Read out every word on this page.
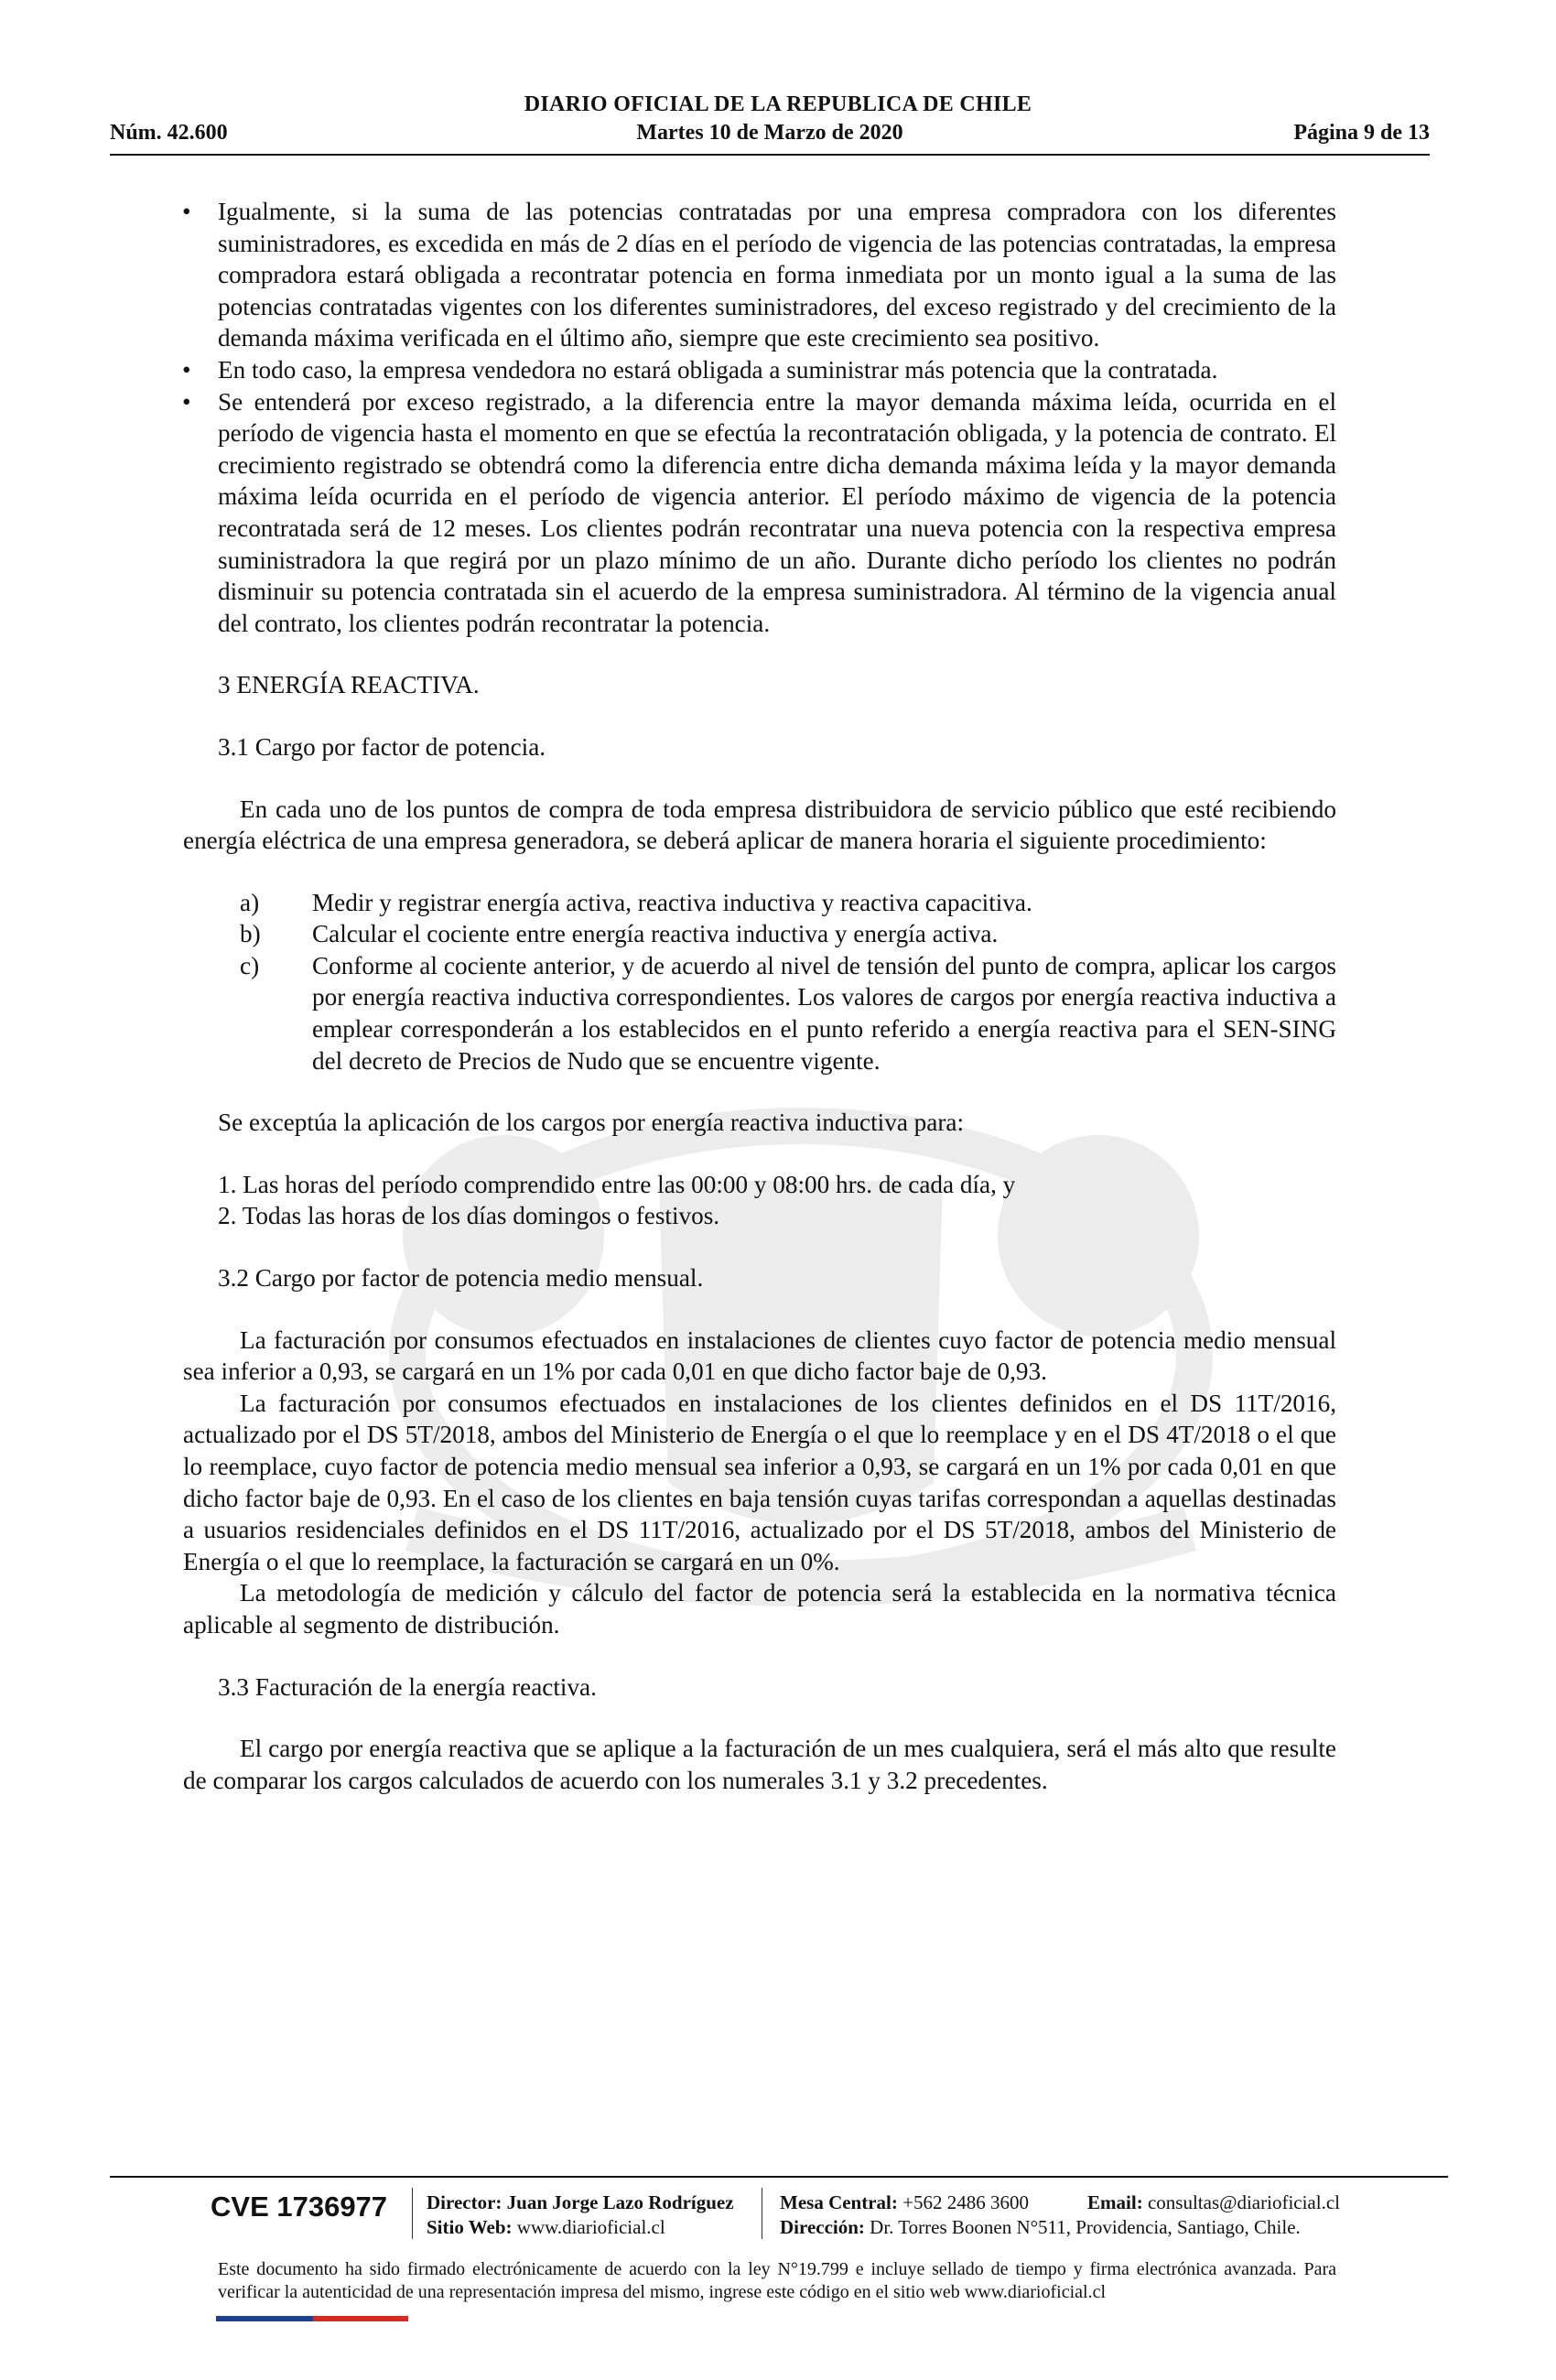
DIARIO OFICIAL DE LA REPUBLICA DE CHILE
Núm. 42.600	Martes 10 de Marzo de 2020	Página 9 de 13
• Igualmente, si la suma de las potencias contratadas por una empresa compradora con los diferentes suministradores, es excedida en más de 2 días en el período de vigencia de las potencias contratadas, la empresa compradora estará obligada a recontratar potencia en forma inmediata por un monto igual a la suma de las potencias contratadas vigentes con los diferentes suministradores, del exceso registrado y del crecimiento de la demanda máxima verificada en el último año, siempre que este crecimiento sea positivo.
• En todo caso, la empresa vendedora no estará obligada a suministrar más potencia que la contratada.
• Se entenderá por exceso registrado, a la diferencia entre la mayor demanda máxima leída, ocurrida en el período de vigencia hasta el momento en que se efectúa la recontratación obligada, y la potencia de contrato. El crecimiento registrado se obtendrá como la diferencia entre dicha demanda máxima leída y la mayor demanda máxima leída ocurrida en el período de vigencia anterior. El período máximo de vigencia de la potencia recontratada será de 12 meses. Los clientes podrán recontratar una nueva potencia con la respectiva empresa suministradora la que regirá por un plazo mínimo de un año. Durante dicho período los clientes no podrán disminuir su potencia contratada sin el acuerdo de la empresa suministradora. Al término de la vigencia anual del contrato, los clientes podrán recontratar la potencia.

3 ENERGÍA REACTIVA.

3.1 Cargo por factor de potencia.

En cada uno de los puntos de compra de toda empresa distribuidora de servicio público que esté recibiendo energía eléctrica de una empresa generadora, se deberá aplicar de manera horaria el siguiente procedimiento:

a) Medir y registrar energía activa, reactiva inductiva y reactiva capacitiva.
b) Calcular el cociente entre energía reactiva inductiva y energía activa.
c) Conforme al cociente anterior, y de acuerdo al nivel de tensión del punto de compra, aplicar los cargos por energía reactiva inductiva correspondientes. Los valores de cargos por energía reactiva inductiva a emplear corresponderán a los establecidos en el punto referido a energía reactiva para el SEN-SING del decreto de Precios de Nudo que se encuentre vigente.

Se exceptúa la aplicación de los cargos por energía reactiva inductiva para:

1. Las horas del período comprendido entre las 00:00 y 08:00 hrs. de cada día, y

2. Todas las horas de los días domingos o festivos.

3.2 Cargo por factor de potencia medio mensual.

La facturación por consumos efectuados en instalaciones de clientes cuyo factor de potencia medio mensual sea inferior a 0,93, se cargará en un 1% por cada 0,01 en que dicho factor baje de 0,93.

La facturación por consumos efectuados en instalaciones de los clientes definidos en el DS 11T/2016, actualizado por el DS 5T/2018, ambos del Ministerio de Energía o el que lo reemplace y en el DS 4T/2018 o el que lo reemplace, cuyo factor de potencia medio mensual sea inferior a 0,93, se cargará en un 1% por cada 0,01 en que dicho factor baje de 0,93. En el caso de los clientes en baja tensión cuyas tarifas correspondan a aquellas destinadas a usuarios residenciales definidos en el DS 11T/2016, actualizado por el DS 5T/2018, ambos del Ministerio de Energía o el que lo reemplace, la facturación se cargará en un 0%.

La metodología de medición y cálculo del factor de potencia será la establecida en la normativa técnica aplicable al segmento de distribución.

3.3 Facturación de la energía reactiva.

El cargo por energía reactiva que se aplique a la facturación de un mes cualquiera, será el más alto que resulte de comparar los cargos calculados de acuerdo con los numerales 3.1 y 3.2 precedentes.

CVE 1736977 Director: Juan Jorge Lazo Rodríguez
Sitio Web: www.diarioficial.cl
Mesa Central: +562 2486 3600	Email: consultas@diarioficial.cl
Dirección: Dr. Torres Boonen N°511, Providencia, Santiago, Chile.
Este documento ha sido firmado electrónicamente de acuerdo con la ley N°19.799 e incluye sellado de tiempo y firma electrónica avanzada. Para verificar la autenticidad de una representación impresa del mismo, ingrese este código en el sitio web www.diarioficial.cl
